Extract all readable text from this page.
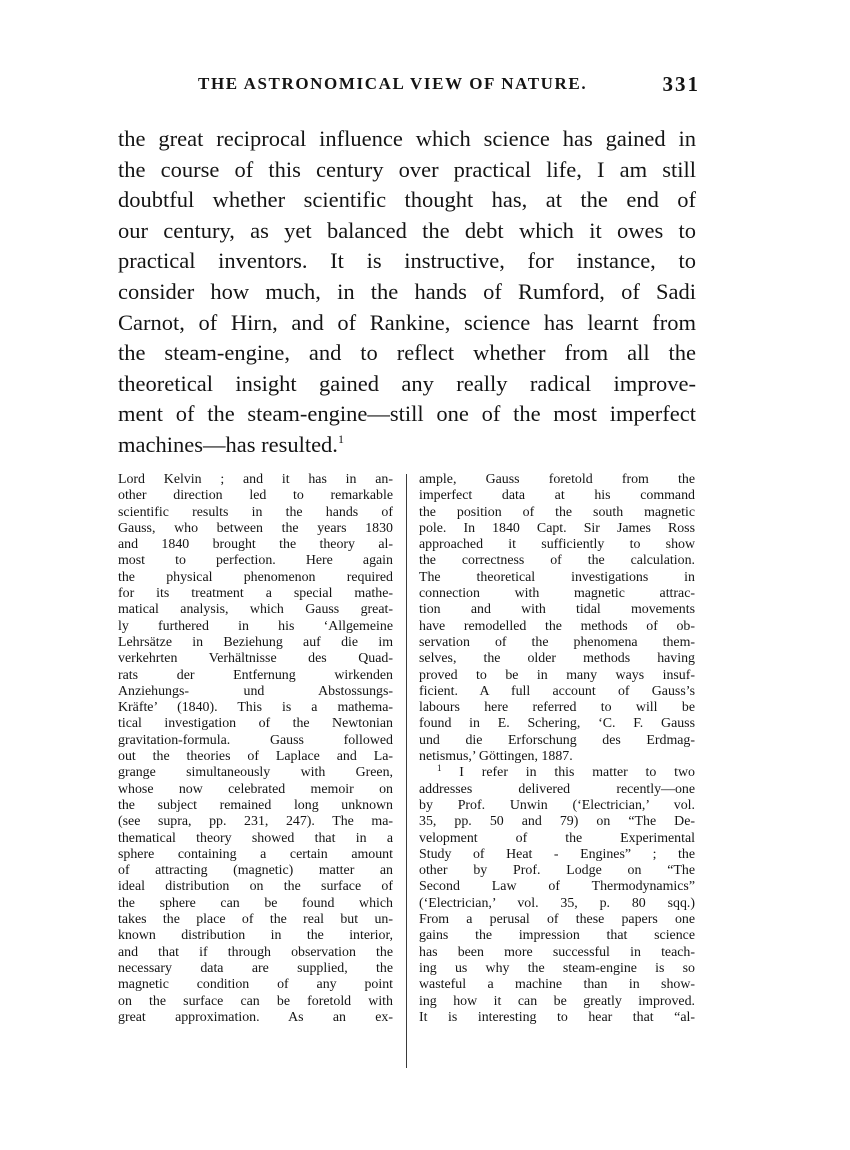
THE ASTRONOMICAL VIEW OF NATURE.	331
the great reciprocal influence which science has gained in
the course of this century over practical life, I am still
doubtful whether scientific thought has, at the end of
our century, as yet balanced the debt which it owes to
practical inventors. It is instructive, for instance, to
consider how much, in the hands of Rumford, of Sadi
Carnot, of Hirn, and of Rankine, science has learnt from
the steam-engine, and to reflect whether from all the
theoretical insight gained any really radical improve-
ment of the steam-engine—still one of the most imperfect
machines—has resulted.$^1$
Lord Kelvin ; and it has in an-
other direction led to remarkable
scientific results in the hands of
Gauss, who between the years 1830
and 1840 brought the theory al-
most to perfection. Here again
the physical phenomenon required
for its treatment a special mathe-
matical analysis, which Gauss great-
ly furthered in his ‘Allgemeine
Lehrsätze in Beziehung auf die im
verkehrten Verhältnisse des Quad-
rats der Entfernung wirkenden
Anziehungs- und Abstossungs-
Kräfte’ (1840). This is a mathema-
tical investigation of the Newtonian
gravitation-formula. Gauss followed
out the theories of Laplace and La-
grange simultaneously with Green,
whose now celebrated memoir on
the subject remained long unknown
(see supra, pp. 231, 247). The ma-
thematical theory showed that in a
sphere containing a certain amount
of attracting (magnetic) matter an
ideal distribution on the surface of
the sphere can be found which
takes the place of the real but un-
known distribution in the interior,
and that if through observation the
necessary data are supplied, the
magnetic condition of any point
on the surface can be foretold with
great approximation. As an ex-
ample, Gauss foretold from the
imperfect data at his command
the position of the south magnetic
pole. In 1840 Capt. Sir James Ross
approached it sufficiently to show
the correctness of the calculation.
The theoretical investigations in
connection with magnetic attrac-
tion and with tidal movements
have remodelled the methods of ob-
servation of the phenomena them-
selves, the older methods having
proved to be in many ways insuf-
ficient. A full account of Gauss’s
labours here referred to will be
found in E. Schering, ‘C. F. Gauss
und die Erforschung des Erdmag-
netismus,’ Göttingen, 1887.
$^1$ I refer in this matter to two
addresses delivered recently—one
by Prof. Unwin (‘Electrician,’ vol.
35, pp. 50 and 79) on “The De-
velopment of the Experimental
Study of Heat - Engines” ; the
other by Prof. Lodge on “The
Second Law of Thermodynamics”
(‘Electrician,’ vol. 35, p. 80 sqq.)
From a perusal of these papers one
gains the impression that science
has been more successful in teach-
ing us why the steam-engine is so
wasteful a machine than in show-
ing how it can be greatly improved.
It is interesting to hear that “al-
